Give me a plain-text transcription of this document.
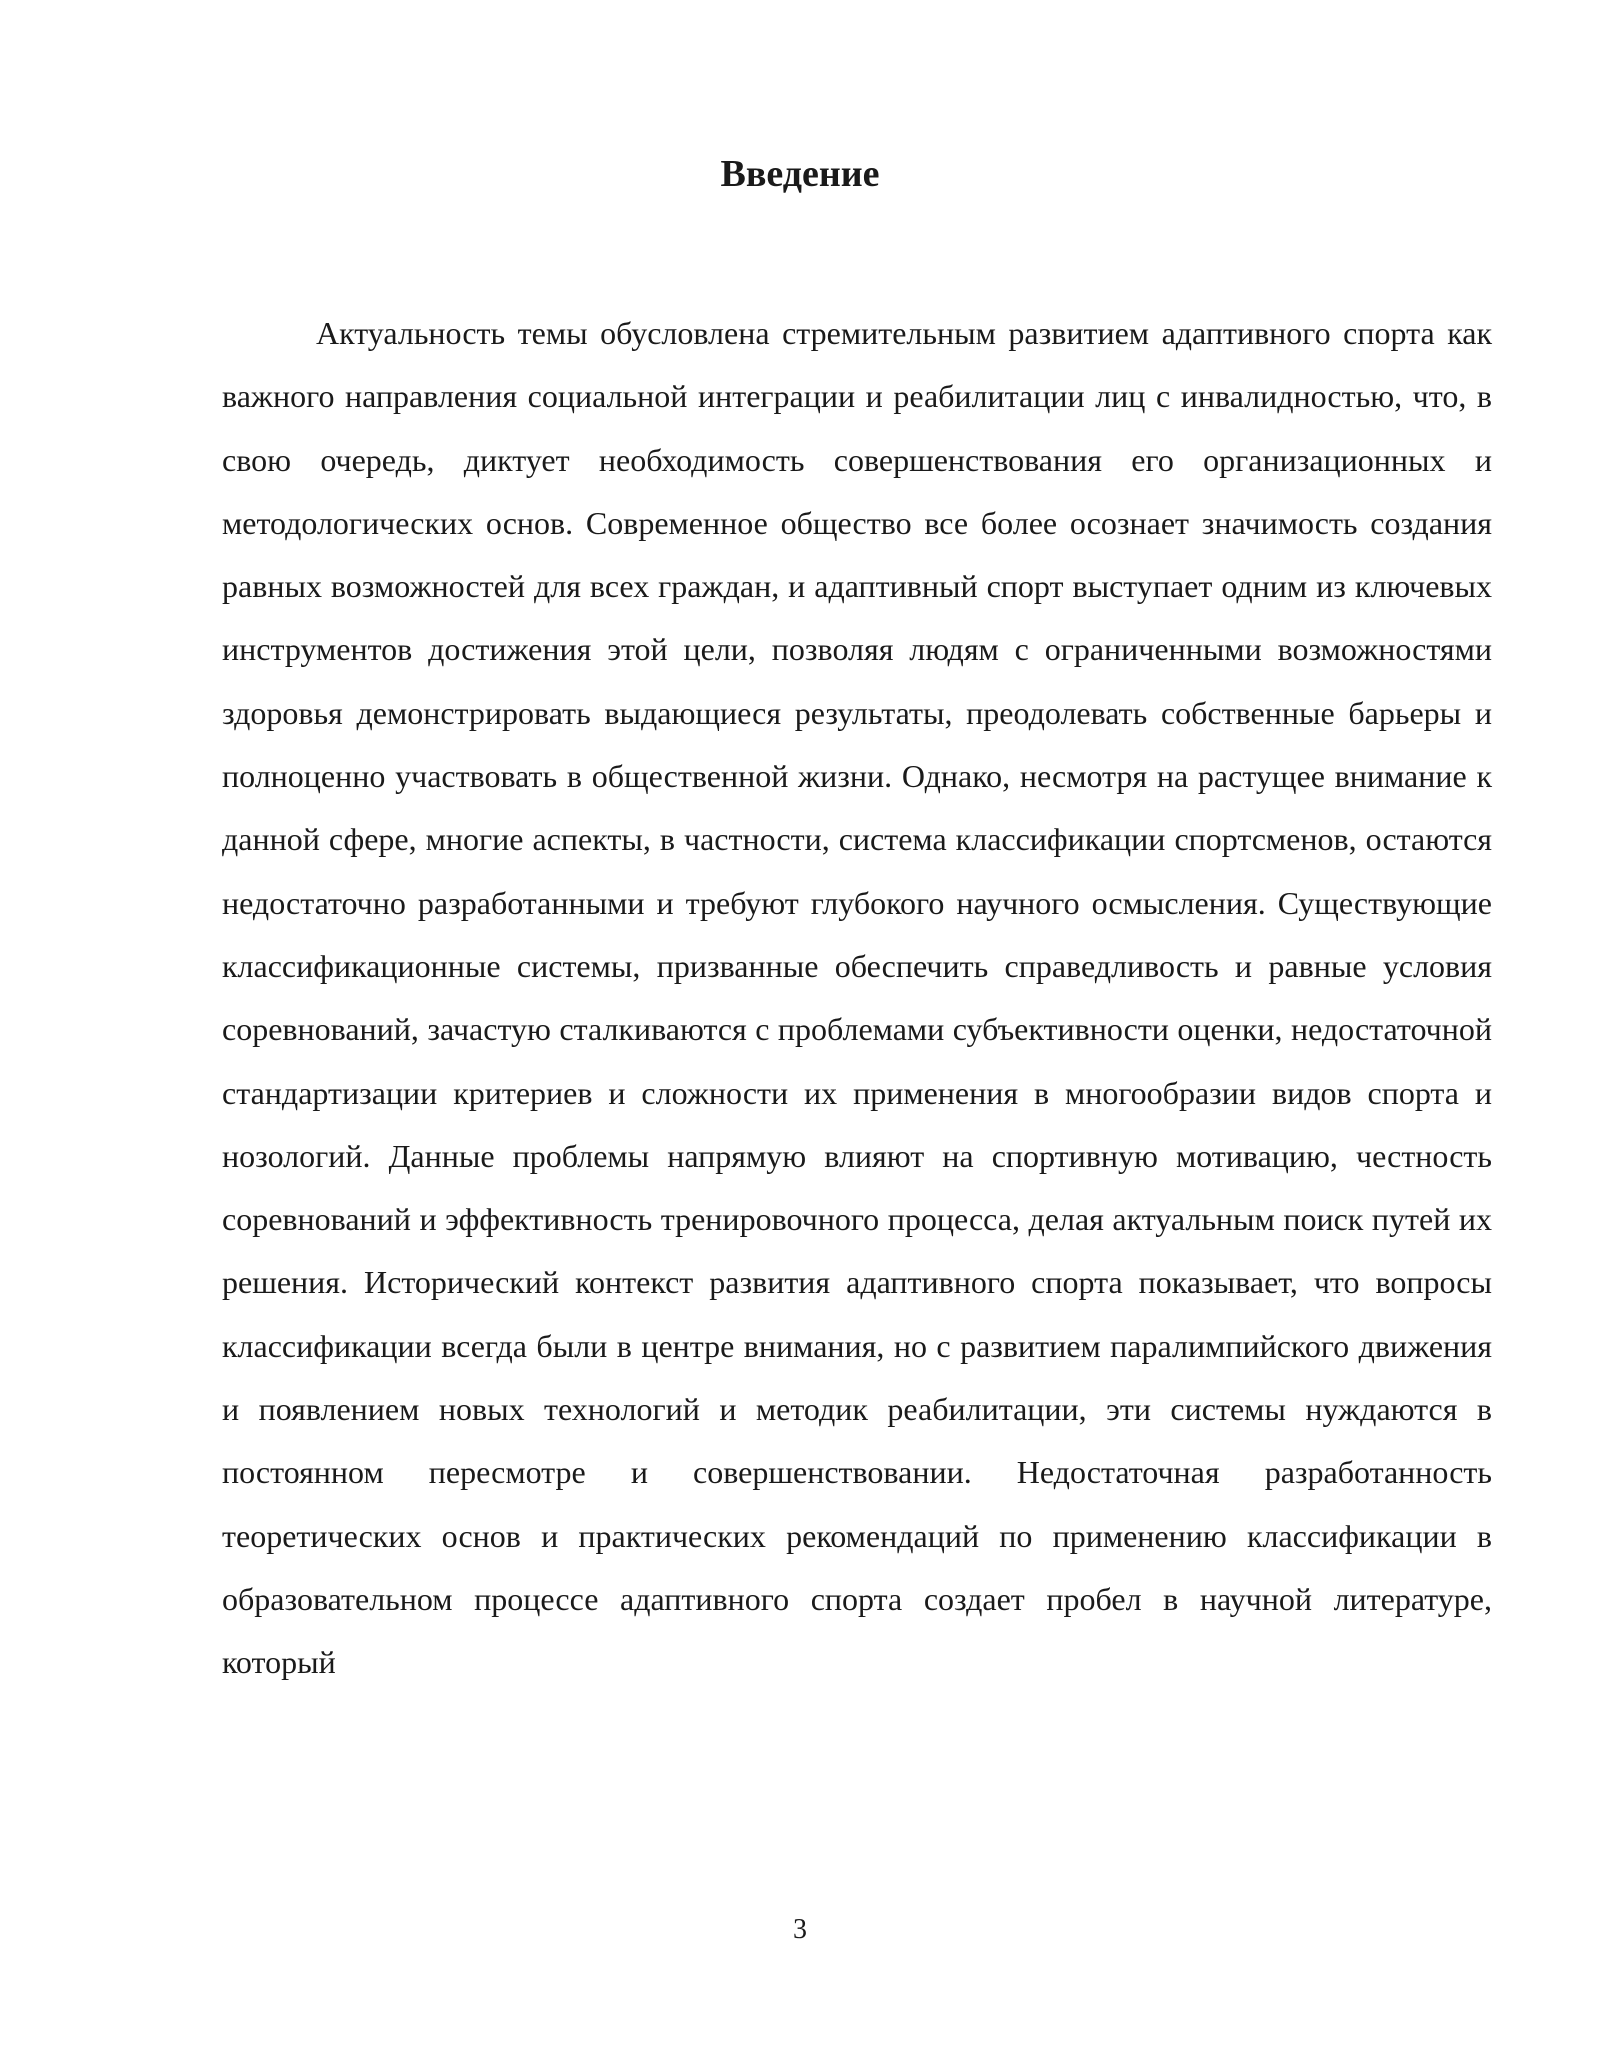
Введение

Актуальность темы обусловлена стремительным развитием адаптивного спорта как важного направления социальной интеграции и реабилитации лиц с инвалидностью, что, в свою очередь, диктует необходимость совершенствования его организационных и методологических основ. Современное общество все более осознает значимость создания равных возможностей для всех граждан, и адаптивный спорт выступает одним из ключевых инструментов достижения этой цели, позволяя людям с ограниченными возможностями здоровья демонстрировать выдающиеся результаты, преодолевать собственные барьеры и полноценно участвовать в общественной жизни. Однако, несмотря на растущее внимание к данной сфере, многие аспекты, в частности, система классификации спортсменов, остаются недостаточно разработанными и требуют глубокого научного осмысления. Существующие классификационные системы, призванные обеспечить справедливость и равные условия соревнований, зачастую сталкиваются с проблемами субъективности оценки, недостаточной стандартизации критериев и сложности их применения в многообразии видов спорта и нозологий. Данные проблемы напрямую влияют на спортивную мотивацию, честность соревнований и эффективность тренировочного процесса, делая актуальным поиск путей их решения. Исторический контекст развития адаптивного спорта показывает, что вопросы классификации всегда были в центре внимания, но с развитием паралимпийского движения и появлением новых технологий и методик реабилитации, эти системы нуждаются в постоянном пересмотре и совершенствовании. Недостаточная разработанность теоретических основ и практических рекомендаций по применению классификации в образовательном процессе адаптивного спорта создает пробел в научной литературе, который

3
